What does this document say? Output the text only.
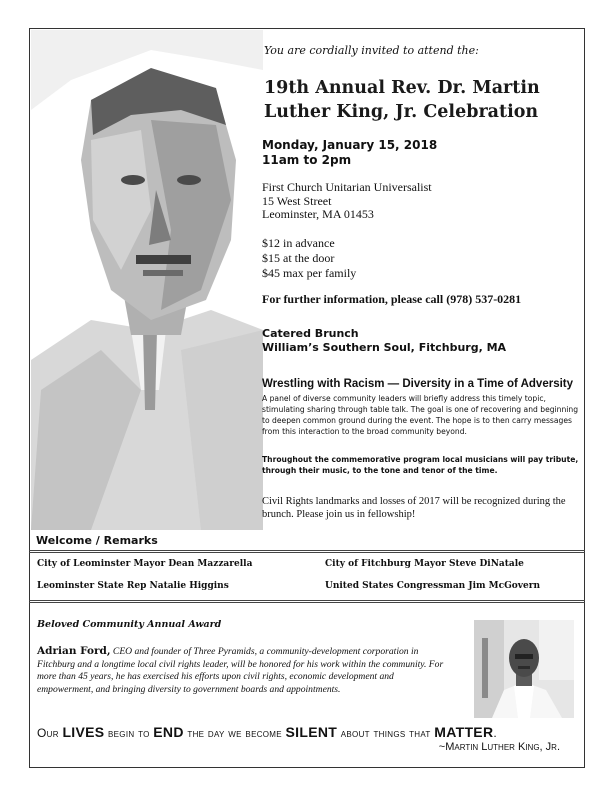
You are cordially invited to attend the:
19th Annual Rev. Dr. Martin
Luther King, Jr. Celebration
Monday, January 15, 2018
11am to 2pm
First Church Unitarian Universalist
15 West Street
Leominster, MA 01453
$12 in advance
$15 at the door
$45 max per family
For further information, please call (978) 537-0281
Catered Brunch
William’s Southern Soul, Fitchburg, MA
Wrestling with Racism — Diversity in a Time of Adversity
A panel of diverse community leaders will briefly address this timely topic, stimulating sharing through table talk. The goal is one of recovering and beginning to deepen common ground during the event. The hope is to then carry messages from this interaction to the broad community beyond.
Throughout the commemorative program local musicians will pay tribute, through their music, to the tone and tenor of the time.
Civil Rights landmarks and losses of 2017 will be recognized during the brunch. Please join us in fellowship!
Welcome / Remarks
City of Leominster Mayor Dean Mazzarella	City of Fitchburg Mayor Steve DiNatale
Leominster State Rep Natalie Higgins	United States Congressman Jim McGovern
Beloved Community Annual Award
Adrian Ford, CEO and founder of Three Pyramids, a community-development corporation in Fitchburg and a longtime local civil rights leader, will be honored for his work within the community. For more than 45 years, he has exercised his efforts upon civil rights, economic development and empowerment, and bringing diversity to government boards and appointments.
Our LIVES begin to END the day we become SILENT about things that MATTER.
~Martin Luther King, Jr.
